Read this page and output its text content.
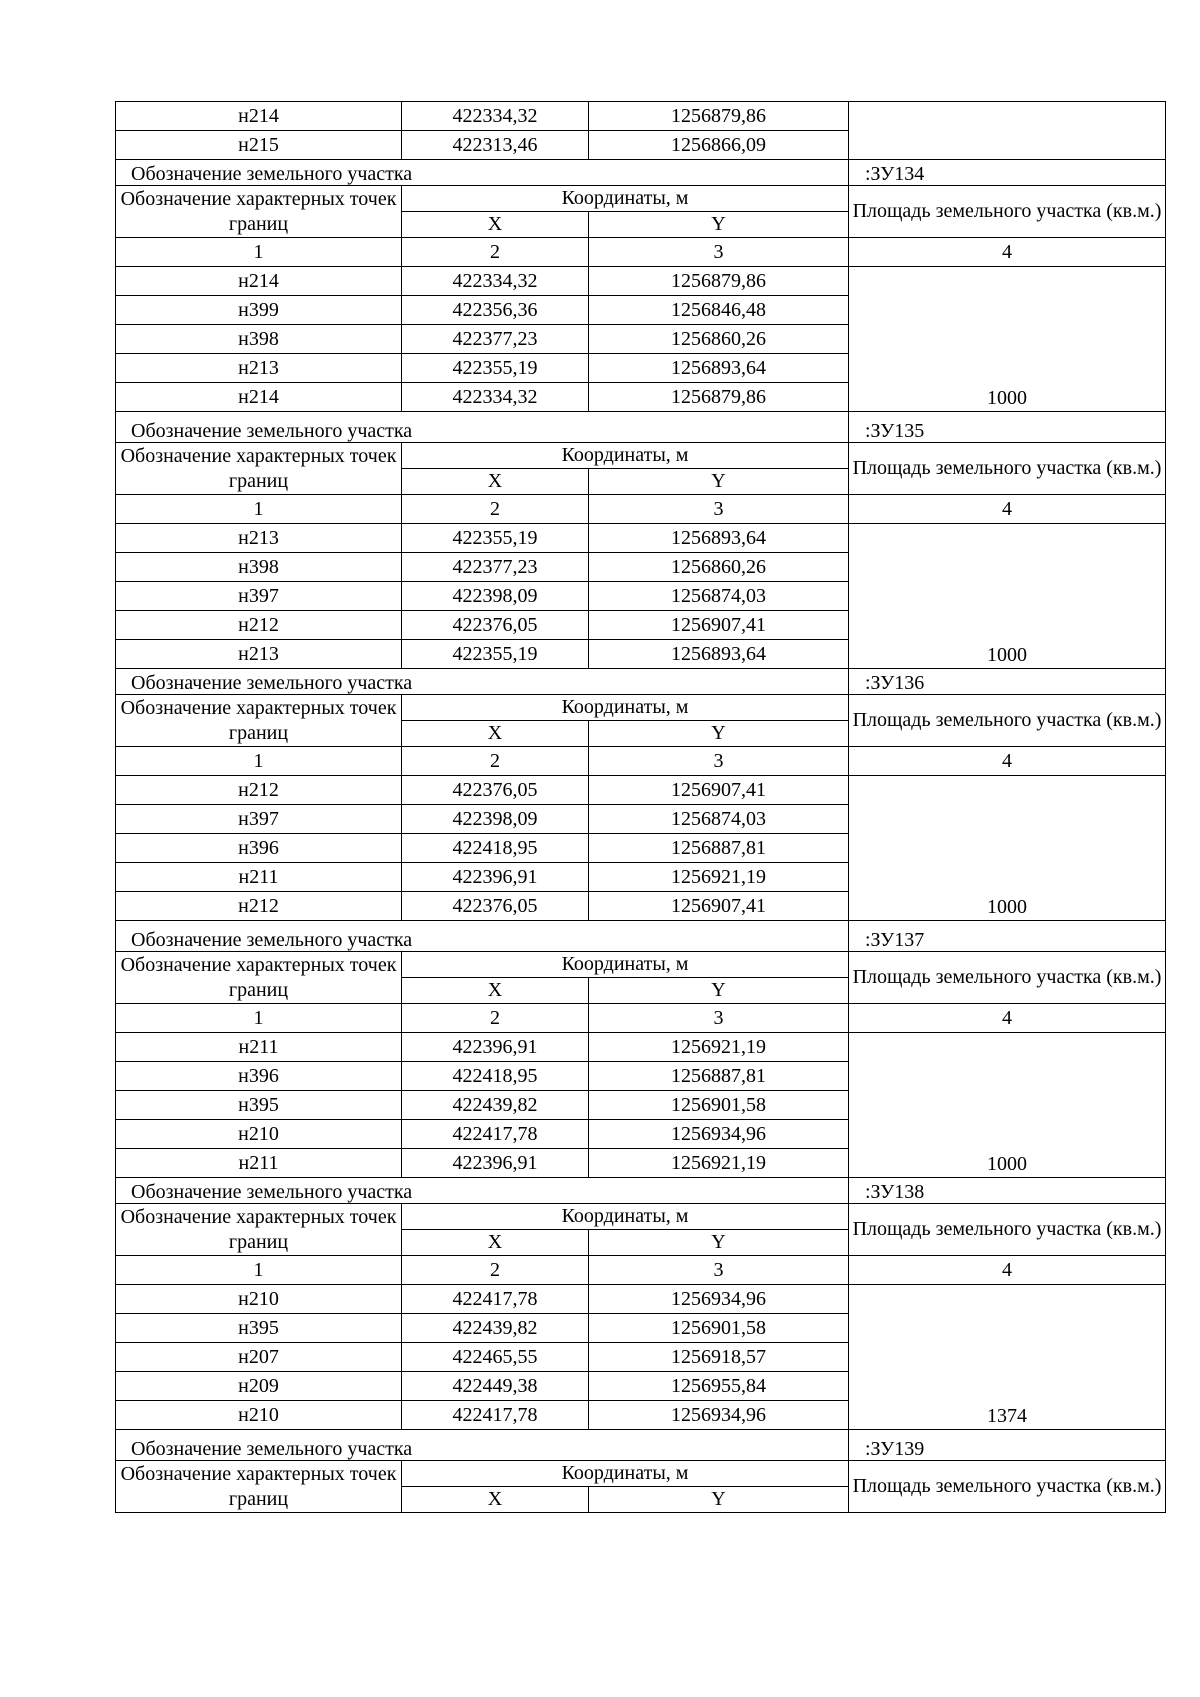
н214	422334,32	1256879,86	
н215	422313,46	1256866,09	
Обозначение земельного участка			:ЗУ134
Обозначение характерных точек границ	Координаты, м		Площадь земельного участка (кв.м.)
	X	Y	
1	2	3	4
н214	422334,32	1256879,86	1000
н399	422356,36	1256846,48	
н398	422377,23	1256860,26	
н213	422355,19	1256893,64	
н214	422334,32	1256879,86	
Обозначение земельного участка			:ЗУ135
Обозначение характерных точек границ	Координаты, м		Площадь земельного участка (кв.м.)
	X	Y	
1	2	3	4
н213	422355,19	1256893,64	1000
н398	422377,23	1256860,26	
н397	422398,09	1256874,03	
н212	422376,05	1256907,41	
н213	422355,19	1256893,64	
Обозначение земельного участка			:ЗУ136
Обозначение характерных точек границ	Координаты, м		Площадь земельного участка (кв.м.)
	X	Y	
1	2	3	4
н212	422376,05	1256907,41	1000
н397	422398,09	1256874,03	
н396	422418,95	1256887,81	
н211	422396,91	1256921,19	
н212	422376,05	1256907,41	
Обозначение земельного участка			:ЗУ137
Обозначение характерных точек границ	Координаты, м		Площадь земельного участка (кв.м.)
	X	Y	
1	2	3	4
н211	422396,91	1256921,19	1000
н396	422418,95	1256887,81	
н395	422439,82	1256901,58	
н210	422417,78	1256934,96	
н211	422396,91	1256921,19	
Обозначение земельного участка			:ЗУ138
Обозначение характерных точек границ	Координаты, м		Площадь земельного участка (кв.м.)
	X	Y	
1	2	3	4
н210	422417,78	1256934,96	1374
н395	422439,82	1256901,58	
н207	422465,55	1256918,57	
н209	422449,38	1256955,84	
н210	422417,78	1256934,96	
Обозначение земельного участка			:ЗУ139
Обозначение характерных точек границ	Координаты, м		Площадь земельного участка (кв.м.)
	X	Y	
